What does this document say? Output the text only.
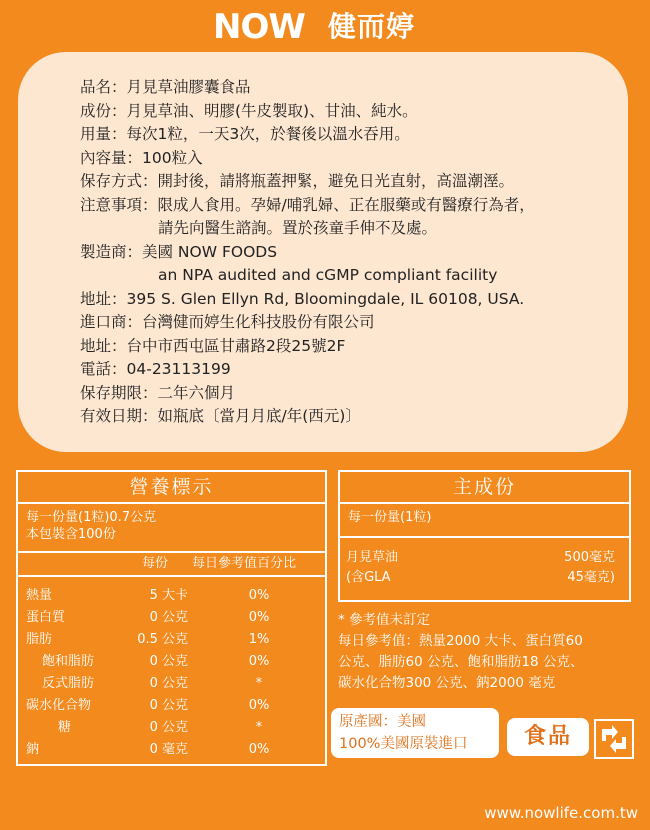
NOW 健而婷
品名：月見草油膠囊食品
成份：月見草油、明膠(牛皮製取)、甘油、純水。
用量：每次1粒，一天3次，於餐後以溫水吞用。
內容量：100粒入
保存方式：開封後，請將瓶蓋押緊，避免日光直射，高溫潮溼。
注意事項：限成人食用。孕婦/哺乳婦、正在服藥或有醫療行為者，
請先向醫生諮詢。置於孩童手伸不及處。
製造商：美國 NOW FOODS
an NPA audited and cGMP compliant facility
地址：395 S. Glen Ellyn Rd, Bloomingdale, IL 60108, USA.
進口商：台灣健而婷生化科技股份有限公司
地址：台中市西屯區甘肅路2段25號2F
電話：04-23113199
保存期限：二年六個月
有效日期：如瓶底〔當月月底/年(西元)〕
營養標示
每一份量(1粒)0.7公克
本包裝含100份
每份 每日參考值百分比
熱量	5 大卡	0%
蛋白質	0 公克	0%
脂肪	0.5 公克	1%
飽和脂肪	0 公克	0%
反式脂肪	0 公克	*
碳水化合物	0 公克	0%
糖	0 公克	*
鈉	0 毫克	0%
主成份
每一份量(1粒)
月見草油	500毫克
(含GLA	45毫克)
* 參考值未訂定
每日參考值：熱量2000 大卡、蛋白質60
公克、脂肪60 公克、飽和脂肪18 公克、
碳水化合物300 公克、鈉2000 毫克
原產國：美國
100%美國原裝進口	食品
www.nowlife.com.tw
